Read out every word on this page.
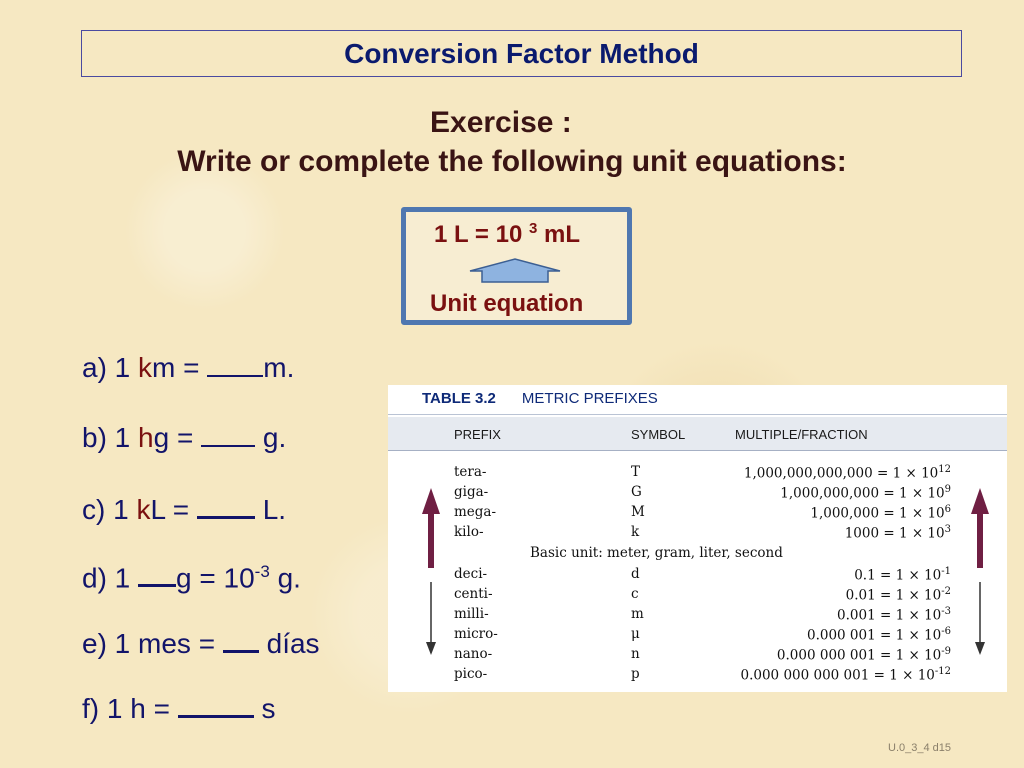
Conversion Factor Method
Exercise :
Write or complete the following unit equations:
1 L = 10 $^3$ mL
Unit equation
a) 1 km = m.
b) 1 hg =  g.
c) 1 kL =  L.
d) 1 $g = 10^{-3}$ g.
e) 1 mes =  días
f) 1 h =	s
TABLE 3.2 METRIC PREFIXES
PREFIX	SYMBOL	MULTIPLE/FRACTION
tera-	T	$1,000,000,000,000 = 1 \times 10^{12}$
giga-	G	$1,000,000,000 = 1 \times 10^9$
mega-	M	$1,000,000 = 1 \times 10^6$
kilo-	k	$1000 = 1 \times 10^3$
Basic unit: meter, gram, liter, second
deci-	d	$0.1 = 1 \times 10^{-1}$
centi-	c	$0.01 = 1 \times 10^{-2}$
milli-	m	$0.001 = 1 \times 10^{-3}$
micro-	μ	0.000 $001 = 1 \times 10^{-6}$
nano-	n	0.000 000 $001 = 1 \times 10^{-9}$
pico-	p	0.000 000 000 $001 = 1 \times 10^{-12}$
U.0_3_4 d15
